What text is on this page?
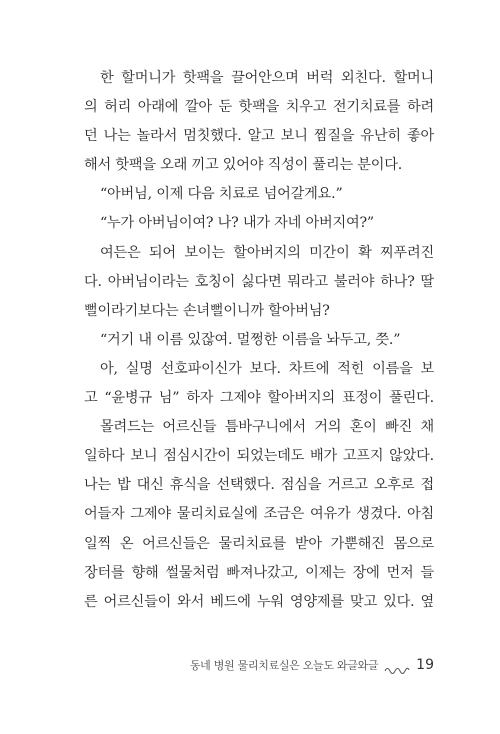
한 할머니가 핫팩을 끌어안으며 버럭 외친다. 할머니
의 허리 아래에 깔아 둔 핫팩을 치우고 전기치료를 하려
던 나는 놀라서 멈칫했다. 알고 보니 찜질을 유난히 좋아
해서 핫팩을 오래 끼고 있어야 직성이 풀리는 분이다.
“아버님, 이제 다음 치료로 넘어갈게요.”
“누가 아버님이여? 나? 내가 자네 아버지여?”
여든은 되어 보이는 할아버지의 미간이 확 찌푸려진
다. 아버님이라는 호칭이 싫다면 뭐라고 불러야 하나? 딸
뻘이라기보다는 손녀뻘이니까 할아버님?
“거기 내 이름 있잖여. 멀쩡한 이름을 놔두고, 쯧.”
아, 실명 선호파이신가 보다. 차트에 적힌 이름을 보
고 “윤병규 님” 하자 그제야 할아버지의 표정이 풀린다.
몰려드는 어르신들 틈바구니에서 거의 혼이 빠진 채
일하다 보니 점심시간이 되었는데도 배가 고프지 않았다.
나는 밥 대신 휴식을 선택했다. 점심을 거르고 오후로 접
어들자 그제야 물리치료실에 조금은 여유가 생겼다. 아침
일찍 온 어르신들은 물리치료를 받아 가뿐해진 몸으로
장터를 향해 썰물처럼 빠져나갔고, 이제는 장에 먼저 들
른 어르신들이 와서 베드에 누워 영양제를 맞고 있다. 옆
동네 병원 물리치료실은 오늘도 와글와글	19
